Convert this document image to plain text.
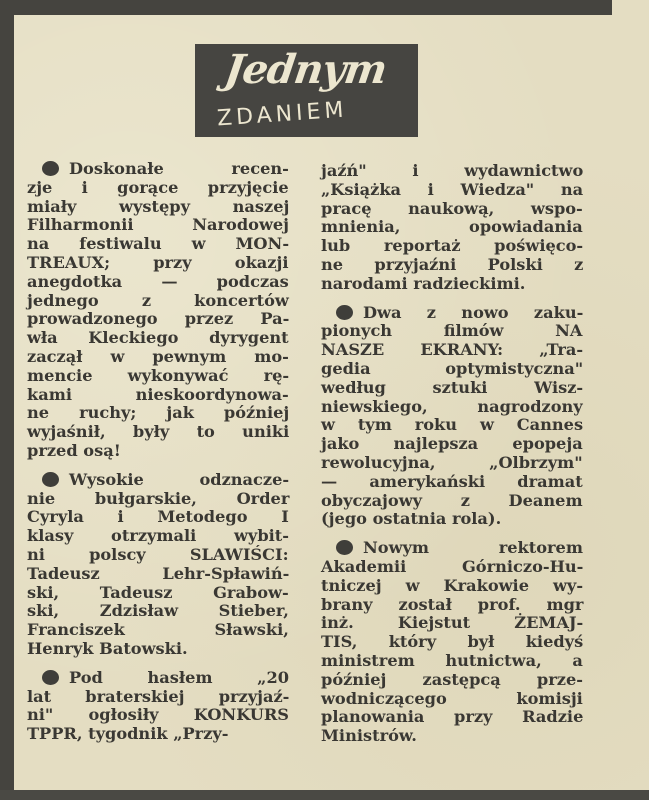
Jednym
ZDANIEM
Doskonałe	recen-
zje i gorące przyjęcie
miały	występy	naszej
Filharmonii	Narodowej
na festiwalu w MON-
TREAUX;	przy	okazji
anegdotka — podczas
jednego	z	koncertów
prowadzonego przez Pa-
wła Kleckiego dyrygent
zaczął w pewnym mo-
mencie wykonywać rę-
kami	nieskoordynowa-
ne ruchy; jak później
wyjaśnił, były to uniki
przed osą!
Wysokie	odznacze-
nie bułgarskie, Order
Cyryla i Metodego I
klasy otrzymali wybit-
ni	polscy	SLAWIŚCI:
Tadeusz	Lehr-Spławiń-
ski,	Tadeusz	Grabow-
ski,	Zdzisław	Stieber,
Franciszek	Sławski,
Henryk Batowski.
Pod	hasłem	„20
lat braterskiej przyjaź-
ni" ogłosiły KONKURS
TPPR, tygodnik „Przy-
jaźń"	i	wydawnictwo
„Książka i Wiedza" na
pracę naukową, wspo-
mnienia,	opowiadania
lub reportaż poświęco-
ne przyjaźni Polski z
narodami radzieckimi.
Dwa z nowo zaku-
pionych	filmów	NA
NASZE EKRANY: „Tra-
gedia	optymistyczna"
według	sztuki	Wisz-
niewskiego,	nagrodzony
w tym roku w Cannes
jako najlepsza epopeja
rewolucyjna,	„Olbrzym"
— amerykański dramat
obyczajowy z Deanem
(jego ostatnia rola).
Nowym	rektorem
Akademii	Górniczo-Hu-
tniczej w Krakowie wy-
brany został prof. mgr
inż.	Kiejstut	ŻEMAJ-
TIS, który był kiedyś
ministrem hutnictwa, a
później zastępcą prze-
wodniczącego	komisji
planowania przy Radzie
Ministrów.
